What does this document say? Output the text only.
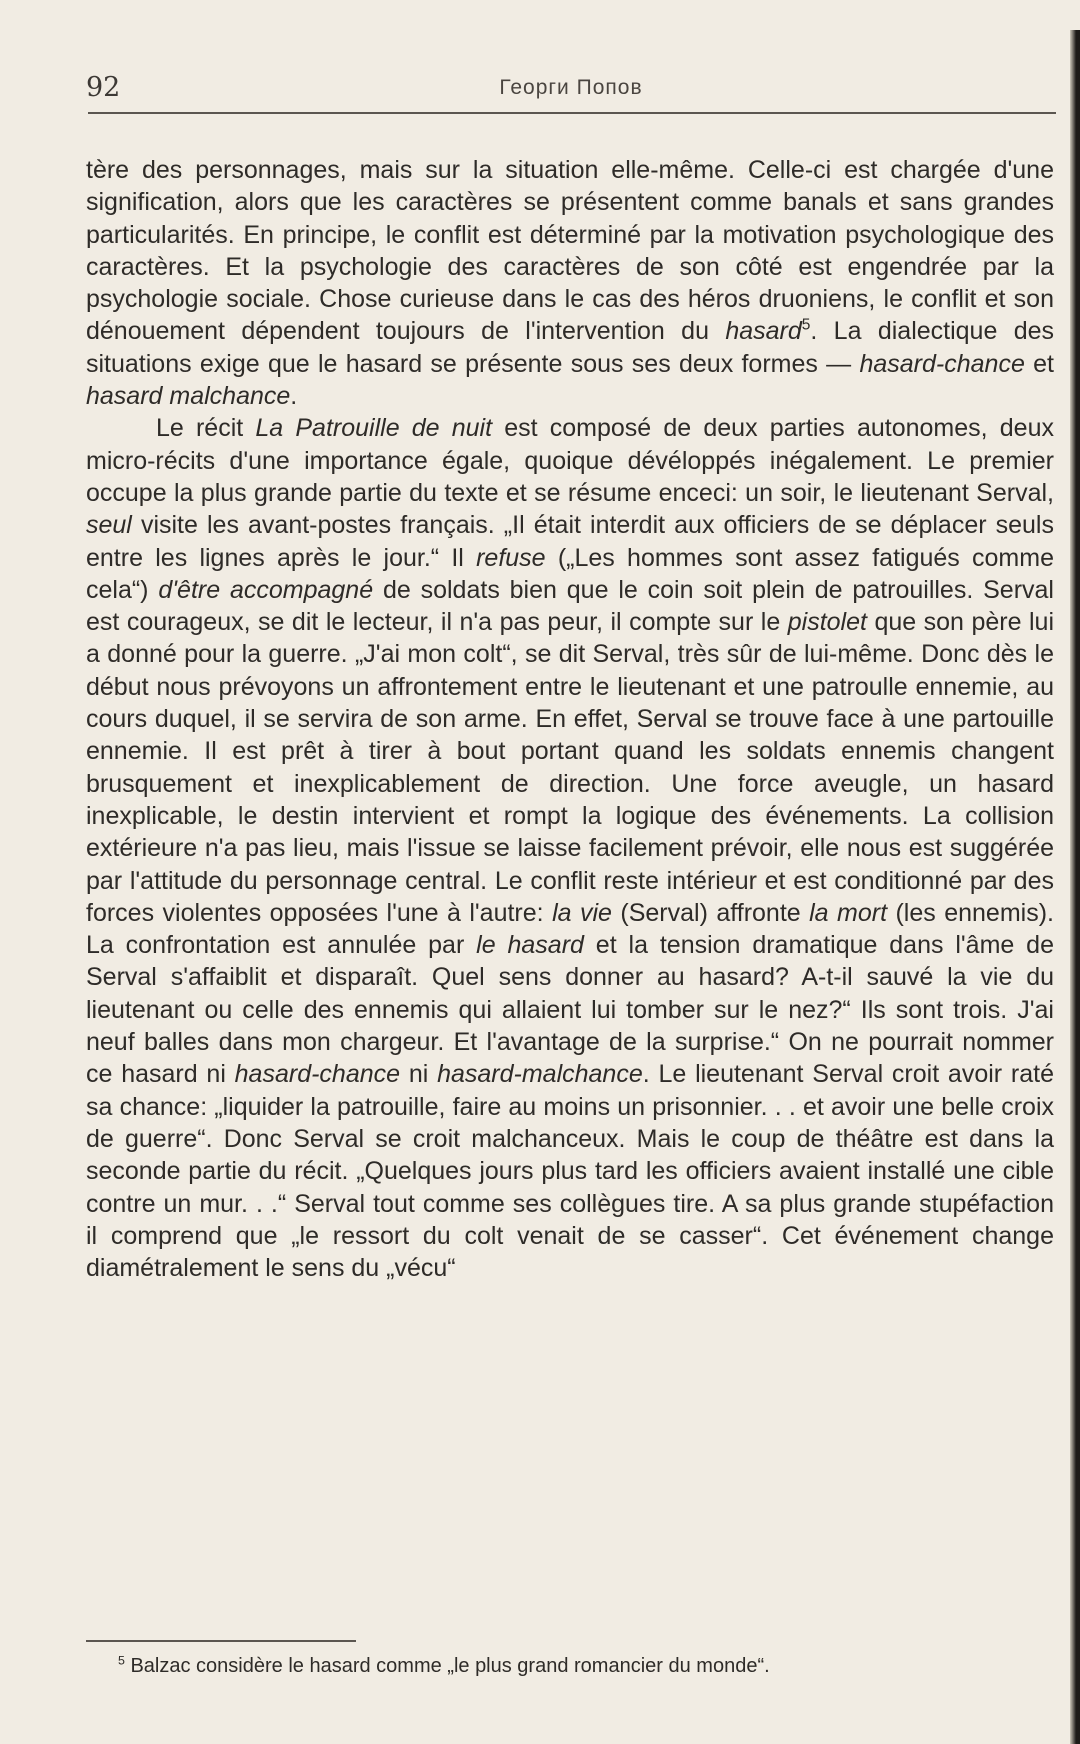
92	Георги Попов

tère des personnages, mais sur la situation elle-même. Celle-ci est chargée d'une signification, alors que les caractères se présentent comme banals et sans grandes particularités. En principe, le conflit est déterminé par la motivation psychologique des caractères. Et la psychologie des caractères de son côté est engendrée par la psychologie sociale. Chose curieuse dans le cas des héros druoniens, le conflit et son dénouement dépendent toujours de l'intervention du hasard$^5$. La dialectique des situations exige que le hasard se présente sous ses deux formes — hasard-chance et hasard malchance.

Le récit La Patrouille de nuit est composé de deux parties autonomes, deux micro-récits d'une importance égale, quoique dévéloppés inégalement. Le premier occupe la plus grande partie du texte et se résume enceci: un soir, le lieutenant Serval, seul visite les avant-postes français. „Il était interdit aux officiers de se déplacer seuls entre les lignes après le jour.“ Il refuse („Les hommes sont assez fatigués comme cela“) d'être accompagné de soldats bien que le coin soit plein de patrouilles. Serval est courageux, se dit le lecteur, il n'a pas peur, il compte sur le pistolet que son père lui a donné pour la guerre. „J'ai mon colt“, se dit Serval, très sûr de lui-même. Donc dès le début nous prévoyons un affrontement entre le lieutenant et une patroulle ennemie, au cours duquel, il se servira de son arme. En effet, Serval se trouve face à une partouille ennemie. Il est prêt à tirer à bout portant quand les soldats ennemis changent brusquement et inexplicablement de direction. Une force aveugle, un hasard inexplicable, le destin intervient et rompt la logique des événements. La collision extérieure n'a pas lieu, mais l'issue se laisse facilement prévoir, elle nous est suggérée par l'attitude du personnage central. Le conflit reste intérieur et est conditionné par des forces violentes opposées l'une à l'autre: la vie (Serval) affronte la mort (les ennemis). La confrontation est annulée par le hasard et la tension dramatique dans l'âme de Serval s'affaiblit et disparaît. Quel sens donner au hasard? A-t-il sauvé la vie du lieutenant ou celle des ennemis qui allaient lui tomber sur le nez?“ Ils sont trois. J'ai neuf balles dans mon chargeur. Et l'avantage de la surprise.“ On ne pourrait nommer ce hasard ni hasard-chance ni hasard-malchance. Le lieutenant Serval croit avoir raté sa chance: „liquider la patrouille, faire au moins un prisonnier. . . et avoir une belle croix de guerre“. Donc Serval se croit malchanceux. Mais le coup de théâtre est dans la seconde partie du récit. „Quelques jours plus tard les officiers avaient installé une cible contre un mur. . .“ Serval tout comme ses collègues tire. A sa plus grande stupéfaction il comprend que „le ressort du colt venait de se casser“. Cet événement change diamétralement le sens du „vécu“

$^5$ Balzac considère le hasard comme „le plus grand romancier du monde“.
